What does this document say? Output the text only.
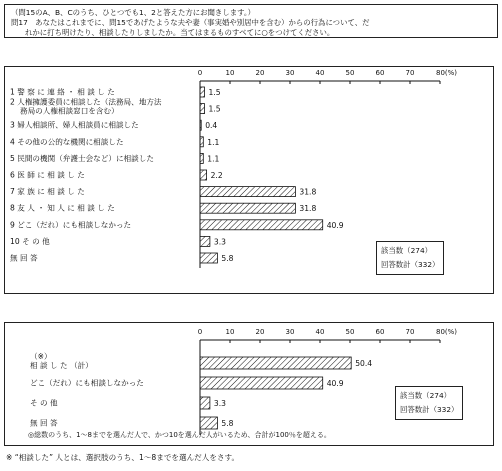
（問15のA、B、Cのうち、ひとつでも1、2と答えた方にお聞きします。）
問17　あなたはこれまでに、問15であげたような夫や妻（事実婚や別居中を含む）からの行為について、だ
れかに打ち明けたり、相談したりしましたか。当てはまるものすべてに○をつけてください。
0	10	20	30	40	50	60	70	80(%)
1 警 察 に 連 絡 ・ 相 談 し た	1.5
2 人権擁護委員に相談した（法務局、地方法
務局の人権相談窓口を含む）	1.5
3 婦人相談所、婦人相談員に相談した	0.4
4 その他の公的な機関に相談した	1.1
5 民間の機関（弁護士会など）に相談した	1.1
6 医 師 に 相 談 し た	2.2
7 家 族 に 相 談 し た	31.8
8 友 人 ・ 知 人 に 相 談 し た	31.8
9 どこ（だれ）にも相談しなかった	40.9
10 そ の 他	3.3
無 回 答	5.8
0	10	20	30	40	50	60	70	80(%)
（※）
相 談 し た （計）	50.4
どこ（だれ）にも相談しなかった	40.9
そ の 他	3.3
無 回 答	5.8
該当数（274）
回答数計（332）
該当数（274）
回答数計（332）
◎総数のうち、1～8までを選んだ人で、かつ10を選んだ人がいるため、合計が100％を超える。
※ “相談した” 人とは、選択肢のうち、1～8までを選んだ人をさす。
